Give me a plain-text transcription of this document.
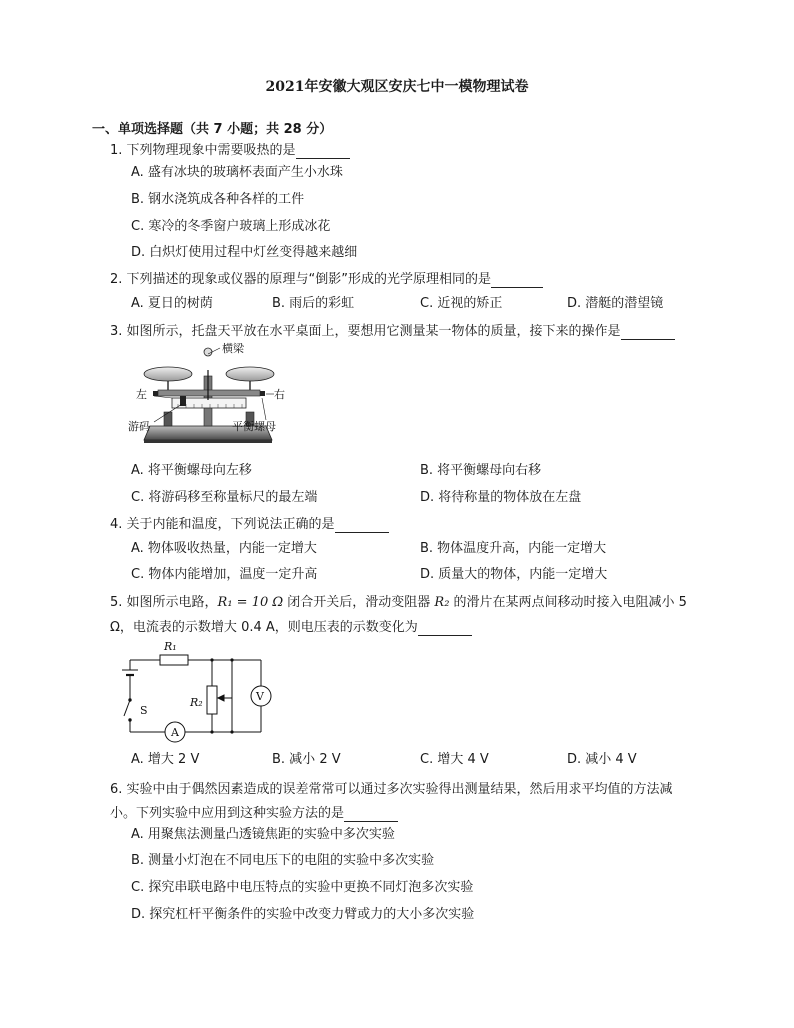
2021年安徽大观区安庆七中一模物理试卷
一、单项选择题（共 7 小题；共 28 分）
1. 下列物理现象中需要吸热的是
A. 盛有冰块的玻璃杯表面产生小水珠
B. 钢水浇筑成各种各样的工件
C. 寒冷的冬季窗户玻璃上形成冰花
D. 白炽灯使用过程中灯丝变得越来越细
2. 下列描述的现象或仪器的原理与“倒影”形成的光学原理相同的是
A. 夏日的树荫	B. 雨后的彩虹	C. 近视的矫正	D. 潜艇的潜望镜
3. 如图所示，托盘天平放在水平桌面上，要想用它测量某一物体的质量，接下来的操作是
横梁
左	右
游码	平衡螺母
A. 将平衡螺母向左移	B. 将平衡螺母向右移
C. 将游码移至称量标尺的最左端	D. 将待称量的物体放在左盘
4. 关于内能和温度，下列说法正确的是
A. 物体吸收热量，内能一定增大	B. 物体温度升高，内能一定增大
C. 物体内能增加，温度一定升高	D. 质量大的物体，内能一定增大
5. 如图所示电路，R₁ = 10 Ω 闭合开关后，滑动变阻器 R₂ 的滑片在某两点间移动时接入电阻减小 5
Ω，电流表的示数增大 0.4 A，则电压表的示数变化为
R₁
R₂	V
A
S
A. 增大 2 V	B. 减小 2 V	C. 增大 4 V	D. 减小 4 V
6. 实验中由于偶然因素造成的误差常常可以通过多次实验得出测量结果，然后用求平均值的方法减
小。下列实验中应用到这种实验方法的是
A. 用聚焦法测量凸透镜焦距的实验中多次实验
B. 测量小灯泡在不同电压下的电阻的实验中多次实验
C. 探究串联电路中电压特点的实验中更换不同灯泡多次实验
D. 探究杠杆平衡条件的实验中改变力臂或力的大小多次实验
